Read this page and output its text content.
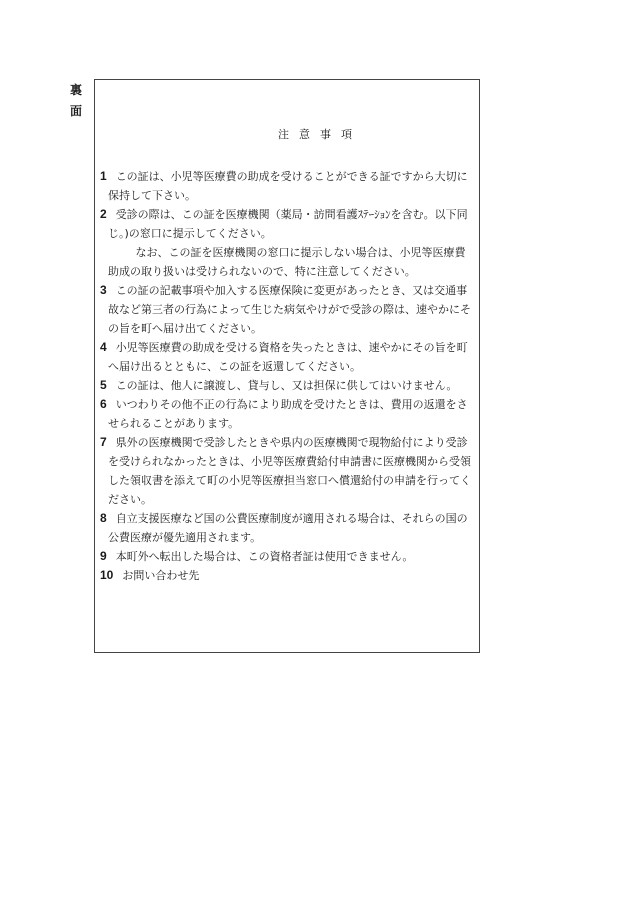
裏
面
注意事項
1 この証は、小児等医療費の助成を受けることができる証ですから大切に保持して下さい。
2 受診の際は、この証を医療機関（薬局・訪問看護ｽﾃｰｼｮﾝを含む。以下同じ。)の窓口に提示してください。
なお、この証を医療機関の窓口に提示しない場合は、小児等医療費助成の取り扱いは受けられないので、特に注意してください。
3 この証の記載事項や加入する医療保険に変更があったとき、又は交通事故など第三者の行為によって生じた病気やけがで受診の際は、速やかにその旨を町へ届け出てください。
4 小児等医療費の助成を受ける資格を失ったときは、速やかにその旨を町へ届け出るとともに、この証を返還してください。
5 この証は、他人に譲渡し、貸与し、又は担保に供してはいけません。
6 いつわりその他不正の行為により助成を受けたときは、費用の返還をさせられることがあります。
7 県外の医療機関で受診したときや県内の医療機関で現物給付により受診を受けられなかったときは、小児等医療費給付申請書に医療機関から受領した領収書を添えて町の小児等医療担当窓口へ償還給付の申請を行ってください。
8 自立支援医療など国の公費医療制度が適用される場合は、それらの国の公費医療が優先適用されます。
9 本町外へ転出した場合は、この資格者証は使用できません。
10 お問い合わせ先
